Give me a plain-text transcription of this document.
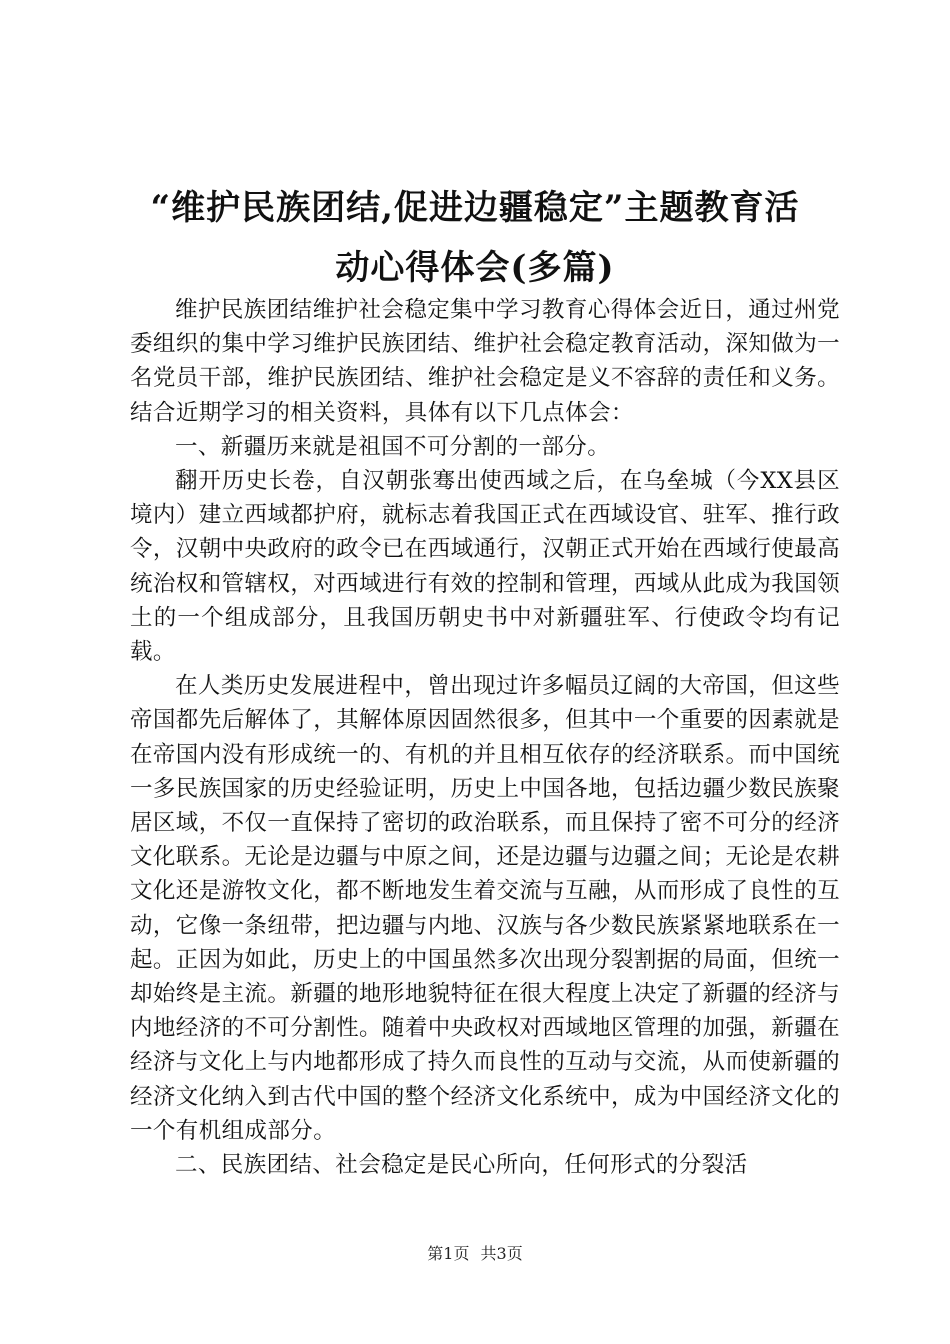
“维护民族团结,促进边疆稳定”主题教育活
动心得体会(多篇)

维护民族团结维护社会稳定集中学习教育心得体会近日，通过州党委组织的集中学习维护民族团结、维护社会稳定教育活动，深知做为一名党员干部，维护民族团结、维护社会稳定是义不容辞的责任和义务。结合近期学习的相关资料，具体有以下几点体会：

一、新疆历来就是祖国不可分割的一部分。

翻开历史长卷，自汉朝张骞出使西域之后，在乌垒城（今XX县区境内）建立西域都护府，就标志着我国正式在西域设官、驻军、推行政令，汉朝中央政府的政令已在西域通行，汉朝正式开始在西域行使最高统治权和管辖权，对西域进行有效的控制和管理，西域从此成为我国领土的一个组成部分，且我国历朝史书中对新疆驻军、行使政令均有记载。

在人类历史发展进程中，曾出现过许多幅员辽阔的大帝国，但这些帝国都先后解体了，其解体原因固然很多，但其中一个重要的因素就是在帝国内没有形成统一的、有机的并且相互依存的经济联系。而中国统一多民族国家的历史经验证明，历史上中国各地，包括边疆少数民族聚居区域，不仅一直保持了密切的政治联系，而且保持了密不可分的经济文化联系。无论是边疆与中原之间，还是边疆与边疆之间；无论是农耕文化还是游牧文化，都不断地发生着交流与互融，从而形成了良性的互动，它像一条纽带，把边疆与内地、汉族与各少数民族紧紧地联系在一起。正因为如此，历史上的中国虽然多次出现分裂割据的局面，但统一却始终是主流。新疆的地形地貌特征在很大程度上决定了新疆的经济与内地经济的不可分割性。随着中央政权对西域地区管理的加强，新疆在经济与文化上与内地都形成了持久而良性的互动与交流，从而使新疆的经济文化纳入到古代中国的整个经济文化系统中，成为中国经济文化的一个有机组成部分。

二、民族团结、社会稳定是民心所向，任何形式的分裂活

第1页 共3页
